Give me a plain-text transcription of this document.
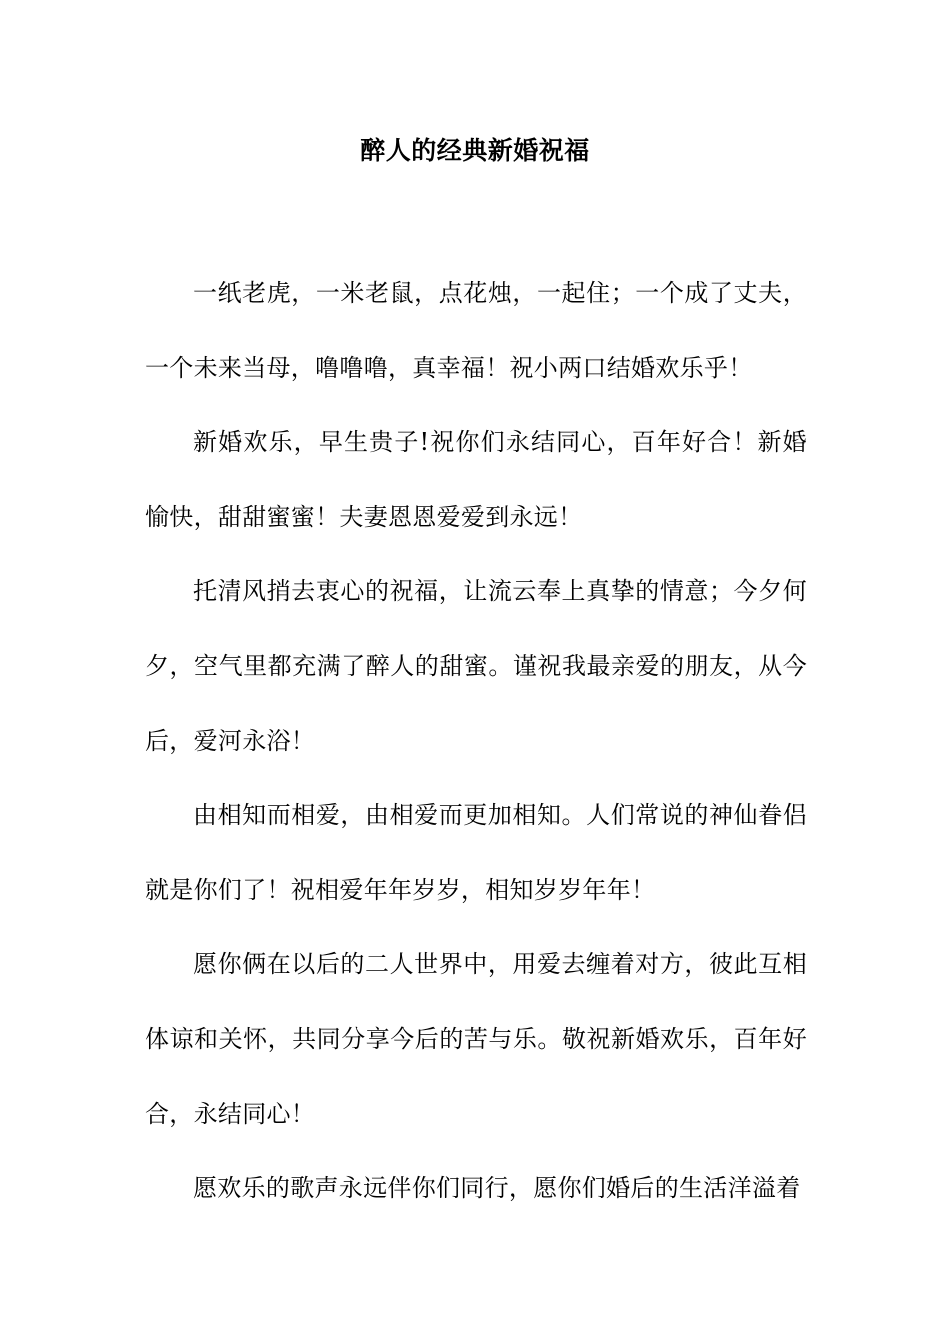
醉人的经典新婚祝福

一纸老虎，一米老鼠，点花烛，一起住；一个成了丈夫，一个未来当母，噜噜噜，真幸福！祝小两口结婚欢乐乎！

新婚欢乐，早生贵子!祝你们永结同心，百年好合！新婚愉快，甜甜蜜蜜！夫妻恩恩爱爱到永远！

托清风捎去衷心的祝福，让流云奉上真挚的情意；今夕何夕，空气里都充满了醉人的甜蜜。谨祝我最亲爱的朋友，从今后，爱河永浴！

由相知而相爱，由相爱而更加相知。人们常说的神仙眷侣就是你们了！祝相爱年年岁岁，相知岁岁年年！

愿你俩在以后的二人世界中，用爱去缠着对方，彼此互相体谅和关怀，共同分享今后的苦与乐。敬祝新婚欢乐，百年好合，永结同心！

愿欢乐的歌声永远伴你们同行，愿你们婚后的生活洋溢着
